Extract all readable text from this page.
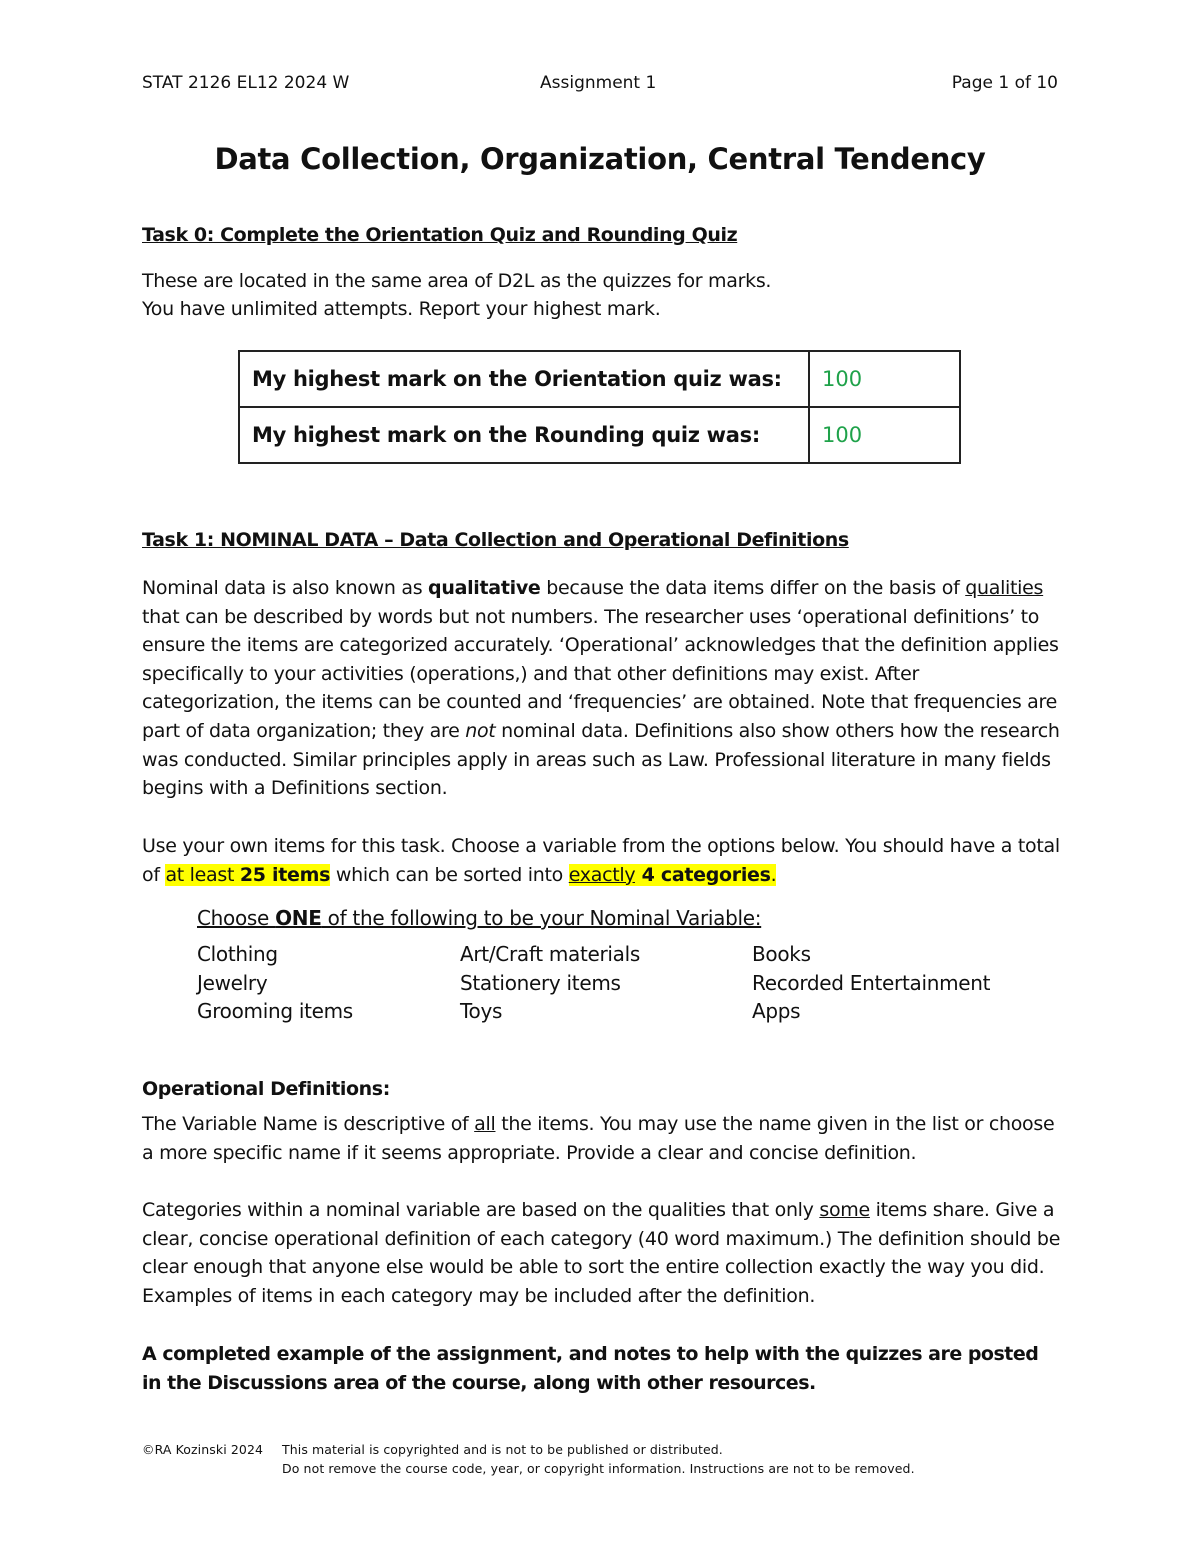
STAT 2126 EL12 2024 W	Assignment 1	Page 1 of 10
Data Collection, Organization, Central Tendency
Task 0: Complete the Orientation Quiz and Rounding Quiz
These are located in the same area of D2L as the quizzes for marks.
You have unlimited attempts. Report your highest mark.
My highest mark on the Orientation quiz was:	100
My highest mark on the Rounding quiz was:	100
Task 1: NOMINAL DATA – Data Collection and Operational Definitions
Nominal data is also known as qualitative because the data items differ on the basis of qualities that can be described by words but not numbers. The researcher uses ‘operational definitions’ to ensure the items are categorized accurately. ‘Operational’ acknowledges that the definition applies specifically to your activities (operations,) and that other definitions may exist. After categorization, the items can be counted and ‘frequencies’ are obtained. Note that frequencies are part of data organization; they are not nominal data. Definitions also show others how the research was conducted. Similar principles apply in areas such as Law. Professional literature in many fields begins with a Definitions section.
Use your own items for this task. Choose a variable from the options below. You should have a total of at least 25 items which can be sorted into exactly 4 categories.
Choose ONE of the following to be your Nominal Variable:
Clothing
Jewelry
Grooming items
Art/Craft materials
Stationery items
Toys
Books
Recorded Entertainment
Apps
Operational Definitions:
The Variable Name is descriptive of all the items. You may use the name given in the list or choose a more specific name if it seems appropriate. Provide a clear and concise definition.
Categories within a nominal variable are based on the qualities that only some items share. Give a clear, concise operational definition of each category (40 word maximum.) The definition should be clear enough that anyone else would be able to sort the entire collection exactly the way you did. Examples of items in each category may be included after the definition.
A completed example of the assignment, and notes to help with the quizzes are posted in the Discussions area of the course, along with other resources.
©RA Kozinski 2024 This material is copyrighted and is not to be published or distributed.
Do not remove the course code, year, or copyright information. Instructions are not to be removed.
